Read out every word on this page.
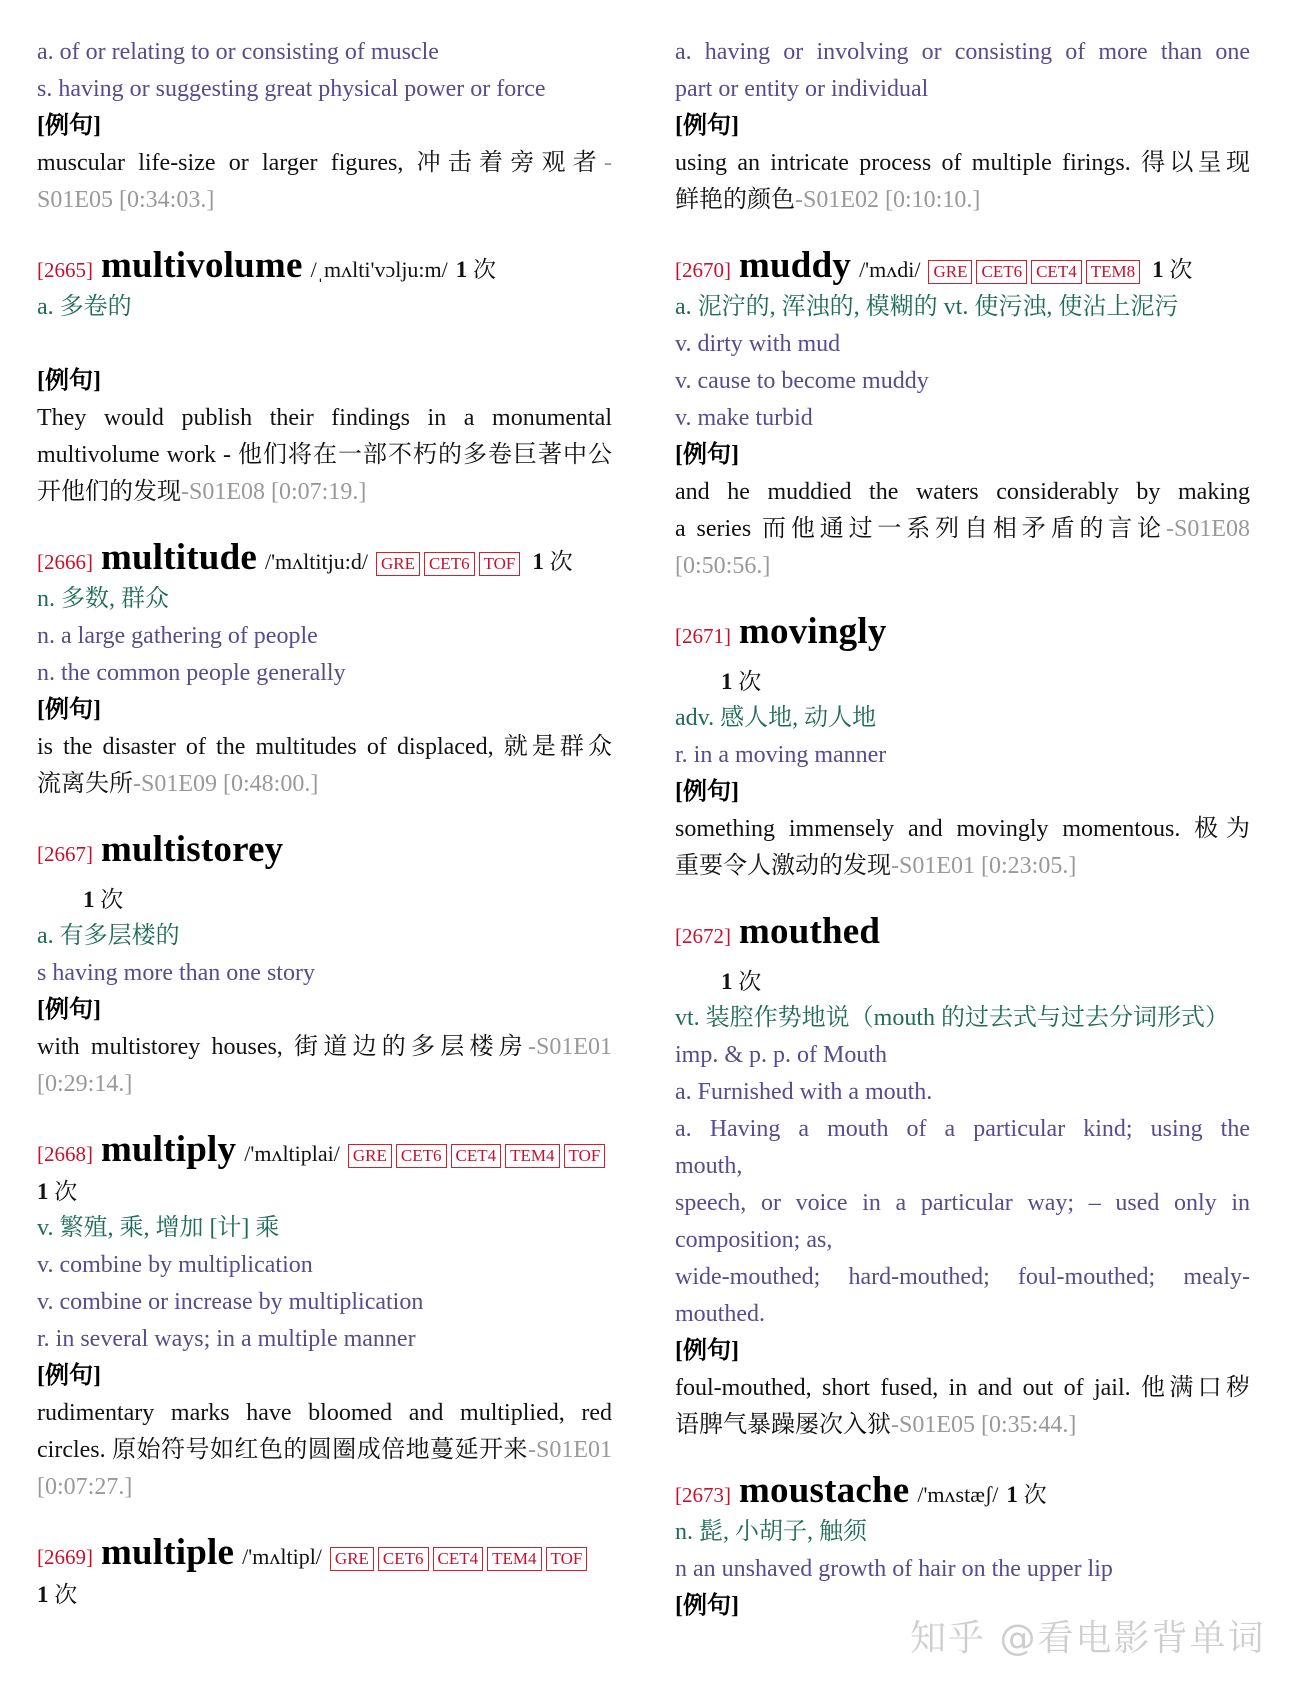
a. of or relating to or consisting of muscle

s. having or suggesting great physical power or force

[例句]

muscular life-size or larger figures, 冲击着旁观者-

S01E05 [0:34:03.]

[2665] multivolume /ˌmʌlti'vɔlju:m/ 1 次

a. 多卷的

[例句]

They would publish their findings in a monumental

multivolume work - 他们将在一部不朽的多卷巨著中公

开他们的发现-S01E08 [0:07:19.]

[2666] multitude /'mʌltitju:d/ GRE CET6 TOF 1 次

n. 多数, 群众

n. a large gathering of people

n. the common people generally

[例句]

is the disaster of the multitudes of displaced, 就是群众

流离失所-S01E09 [0:48:00.]

[2667] multistorey

1 次

a. 有多层楼的

s having more than one story

[例句]

with multistorey houses, 街道边的多层楼房-S01E01

[0:29:14.]

[2668] multiply /'mʌltiplai/ GRE CET6 CET4 TEM4 TOF
1 次

v. 繁殖, 乘, 增加 [计] 乘

v. combine by multiplication

v. combine or increase by multiplication

r. in several ways; in a multiple manner

[例句]

rudimentary marks have bloomed and multiplied, red

circles. 原始符号如红色的圆圈成倍地蔓延开来-S01E01

[0:07:27.]

[2669] multiple /'mʌltipl/ GRE CET6 CET4 TEM4 TOF

1 次

a. having or involving or consisting of more than one

part or entity or individual

[例句]

using an intricate process of multiple firings. 得以呈现

鲜艳的颜色-S01E02 [0:10:10.]

[2670] muddy /'mʌdi/ GRE CET6 CET4 TEM8 1 次

a. 泥泞的, 浑浊的, 模糊的 vt. 使污浊, 使沾上泥污

v. dirty with mud

v. cause to become muddy

v. make turbid

[例句]

and he muddied the waters considerably by making

a series 而他通过一系列自相矛盾的言论-S01E08

[0:50:56.]

[2671] movingly

1 次

adv. 感人地, 动人地

r. in a moving manner

[例句]

something immensely and movingly momentous. 极为

重要令人激动的发现-S01E01 [0:23:05.]

[2672] mouthed

1 次

vt. 装腔作势地说（mouth 的过去式与过去分词形式）

imp. & p. p. of Mouth

a. Furnished with a mouth.

a. Having a mouth of a particular kind; using the

mouth,

speech, or voice in a particular way; – used only in

composition; as,

wide-mouthed; hard-mouthed; foul-mouthed; mealy-

mouthed.

[例句]

foul-mouthed, short fused, in and out of jail. 他满口秽

语脾气暴躁屡次入狱-S01E05 [0:35:44.]

[2673] moustache /'mʌstæʃ/ 1 次

n. 髭, 小胡子, 触须

n an unshaved growth of hair on the upper lip

[例句]

知乎 @看电影背单词
